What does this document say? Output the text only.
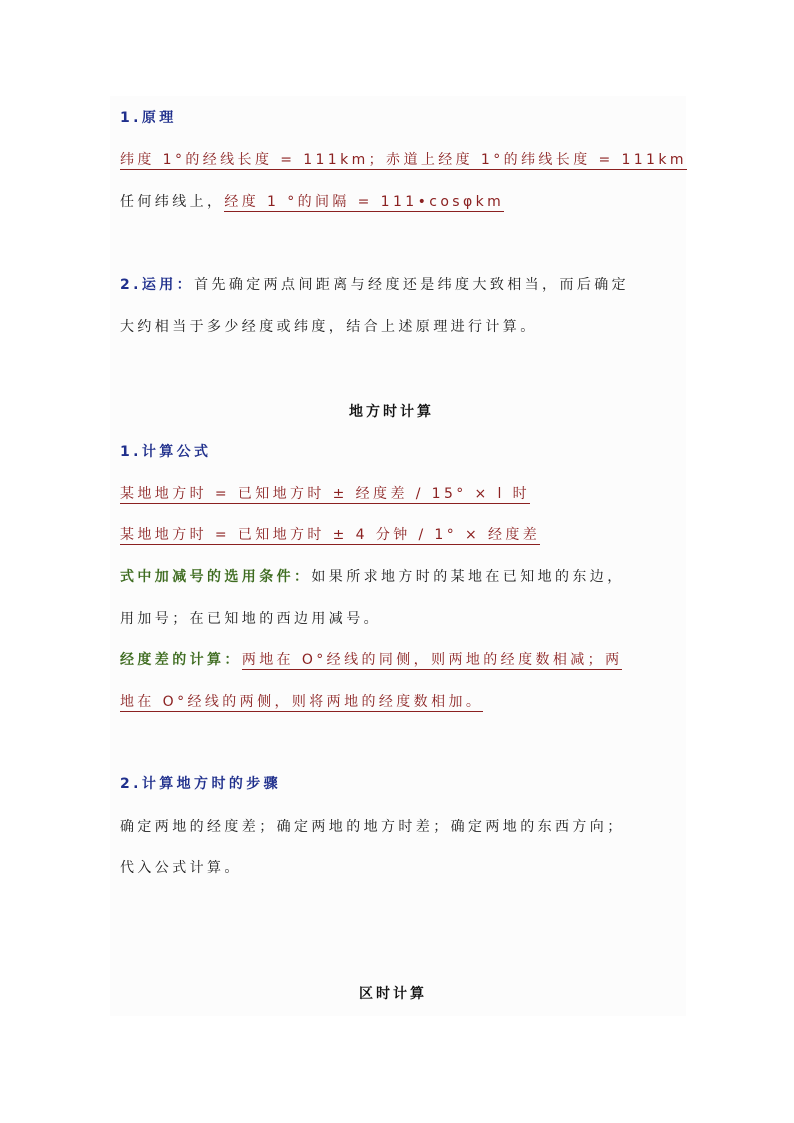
1.原理
纬度 1°的经线长度 = 111km；赤道上经度 1°的纬线长度 = 111km
任何纬线上，经度 1 °的间隔 = 111•cosφkm
2.运用：首先确定两点间距离与经度还是纬度大致相当，而后确定
大约相当于多少经度或纬度，结合上述原理进行计算。
地方时计算
1.计算公式
某地地方时 = 已知地方时 ± 经度差 / 15° × l 时
某地地方时 = 已知地方时 ± 4 分钟 / 1° × 经度差
式中加减号的选用条件：如果所求地方时的某地在已知地的东边，
用加号；在已知地的西边用减号。
经度差的计算：两地在 O°经线的同侧，则两地的经度数相减；两
地在 O°经线的两侧，则将两地的经度数相加。
2.计算地方时的步骤
确定两地的经度差；确定两地的地方时差；确定两地的东西方向；
代入公式计算。
区时计算
